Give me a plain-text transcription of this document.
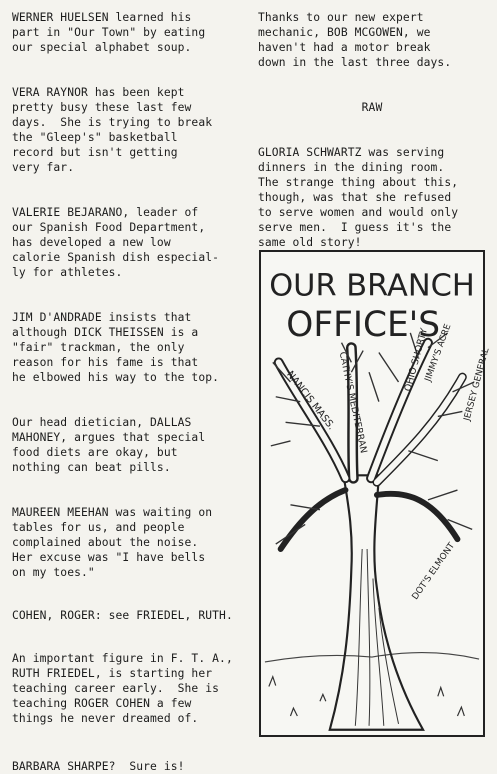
WERNER HUELSEN learned his
part in "Our Town" by eating
our special alphabet soup.

VERA RAYNOR has been kept
pretty busy these last few
days.  She is trying to break
the "Gleep's" basketball
record but isn't getting
very far.

VALERIE BEJARANO, leader of
our Spanish Food Department,
has developed a new low
calorie Spanish dish especial-
ly for athletes.

JIM D'ANDRADE insists that
although DICK THEISSEN is a
"fair" trackman, the only
reason for his fame is that
he elbowed his way to the top.

Our head dietician, DALLAS
MAHONEY, argues that special
food diets are okay, but
nothing can beat pills.

MAUREEN MEEHAN was waiting on
tables for us, and people
complained about the noise.
Her excuse was "I have bells
on my toes."

COHEN, ROGER: see FRIEDEL, RUTH.

An important figure in F. T. A.,
RUTH FRIEDEL, is starting her
teaching career early.  She is
teaching ROGER COHEN a few
things he never dreamed of.

BARBARA SHARPE?  Sure is!

Thanks to our new expert
mechanic, BOB MCGOWEN, we
haven't had a motor break
down in the last three days.

RAW

GLORIA SCHWARTZ was serving
dinners in the dining room.
The strange thing about this,
though, was that she refused
to serve women and would only
serve men.  I guess it's the
same old story!

OUR BRANCH
OFFICE'S
NANCIS MASS. CATHY'S MEDITERRAN	OHIO SHORTY
JIMMY'S ACRE JERSEY GENERAL
DOT'S ELMONT
